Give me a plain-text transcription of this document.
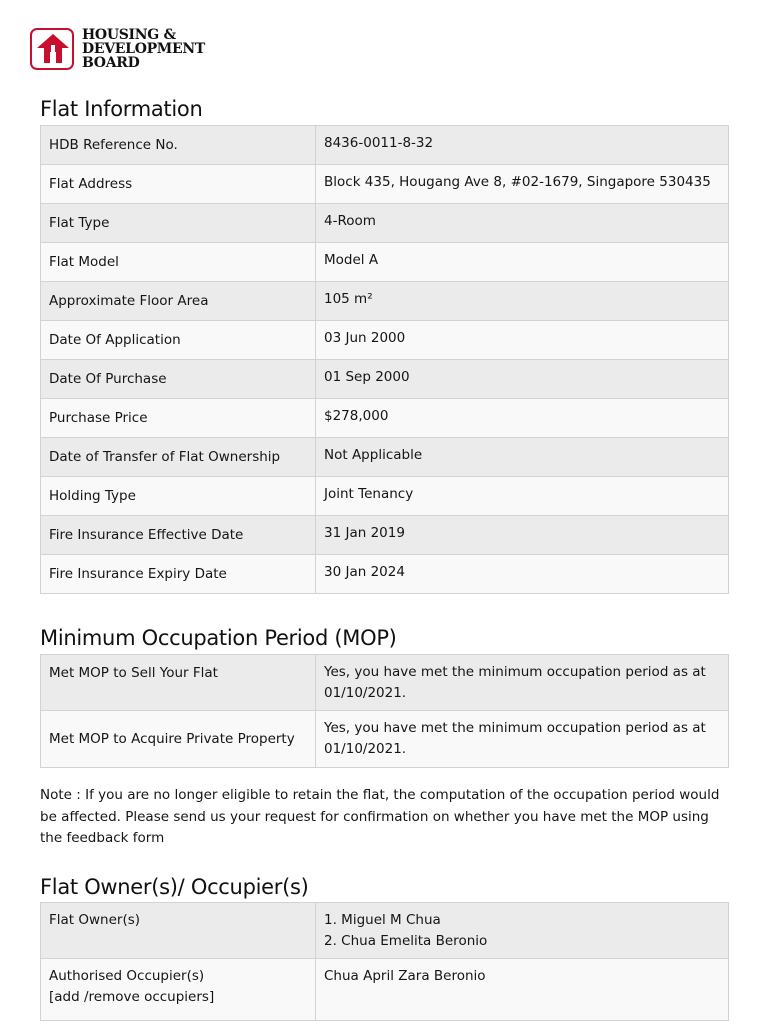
HOUSING &
DEVELOPMENT
BOARD
Flat Information
HDB Reference No.	8436-0011-8-32
Flat Address	Block 435, Hougang Ave 8, #02-1679, Singapore 530435
Flat Type	4-Room
Flat Model	Model A
Approximate Floor Area	105 m²
Date Of Application	03 Jun 2000
Date Of Purchase	01 Sep 2000
Purchase Price	$278,000
Date of Transfer of Flat Ownership	Not Applicable
Holding Type	Joint Tenancy
Fire Insurance Effective Date	31 Jan 2019
Fire Insurance Expiry Date	30 Jan 2024
Minimum Occupation Period (MOP)
Met MOP to Sell Your Flat	Yes, you have met the minimum occupation period as at 01/10/2021.
Met MOP to Acquire Private Property	Yes, you have met the minimum occupation period as at 01/10/2021.

Note : If you are no longer eligible to retain the flat, the computation of the occupation period would be affected. Please send us your request for confirmation on whether you have met the MOP using the feedback form

Flat Owner(s)/ Occupier(s)
Flat Owner(s)	1. Miguel M Chua
2. Chua Emelita Beronio

Authorised Occupier(s)
[add /remove occupiers]	Chua April Zara Beronio
